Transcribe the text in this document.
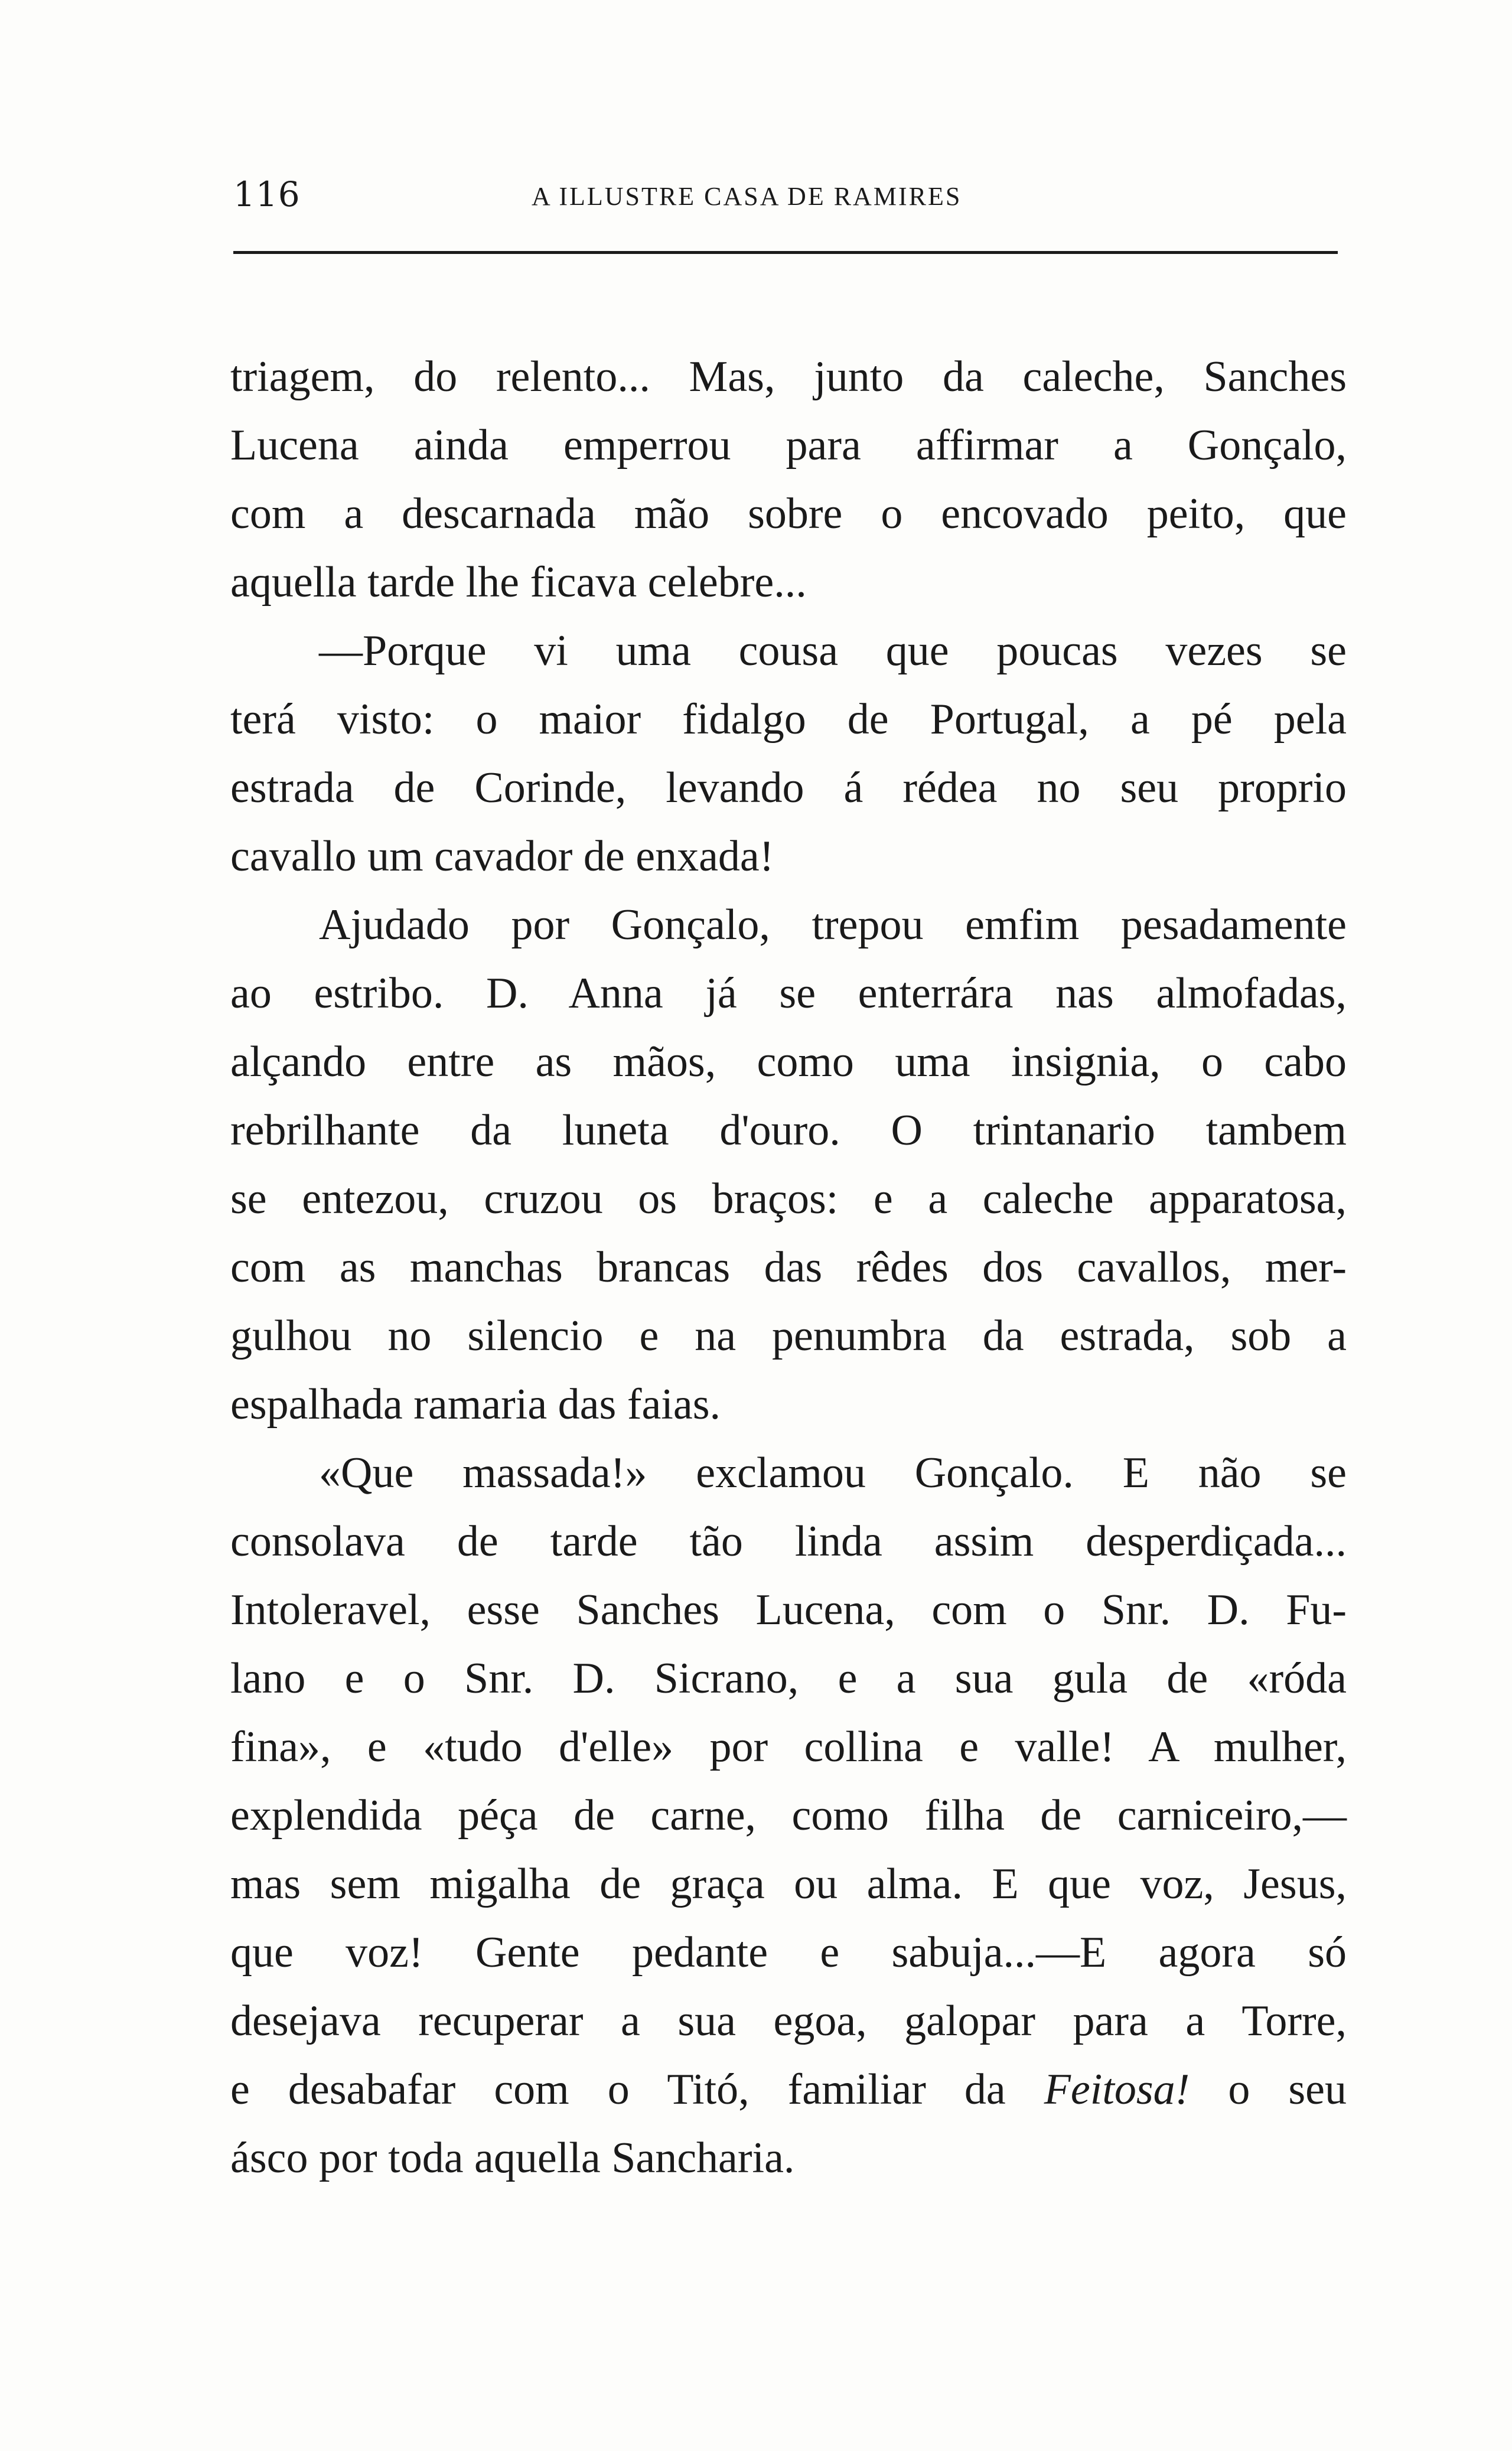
116	A ILLUSTRE CASA DE RAMIRES
triagem, do relento... Mas, junto da caleche, Sanches
Lucena ainda emperrou para affirmar a Gonçalo,
com a descarnada mão sobre o encovado peito, que
aquella tarde lhe ficava celebre...
—Porque vi uma cousa que poucas vezes se
terá visto: o maior fidalgo de Portugal, a pé pela
estrada de Corinde, levando á rédea no seu proprio
cavallo um cavador de enxada!
Ajudado por Gonçalo, trepou emfim pesadamente
ao estribo. D. Anna já se enterrára nas almofadas,
alçando entre as mãos, como uma insignia, o cabo
rebrilhante da luneta d'ouro. O trintanario tambem
se entezou, cruzou os braços: e a caleche apparatosa,
com as manchas brancas das rêdes dos cavallos, mer-
gulhou no silencio e na penumbra da estrada, sob a
espalhada ramaria das faias.
«Que massada!» exclamou Gonçalo. E não se
consolava de tarde tão linda assim desperdiçada...
Intoleravel, esse Sanches Lucena, com o Snr. D. Fu-
lano e o Snr. D. Sicrano, e a sua gula de «róda
fina», e «tudo d'elle» por collina e valle! A mulher,
explendida péça de carne, como filha de carniceiro,—
mas sem migalha de graça ou alma. E que voz, Jesus,
que voz! Gente pedante e sabuja...—E agora só
desejava recuperar a sua egoa, galopar para a Torre,
e desabafar com o Titó, familiar da Feitosa! o seu
ásco por toda aquella Sancharia.
